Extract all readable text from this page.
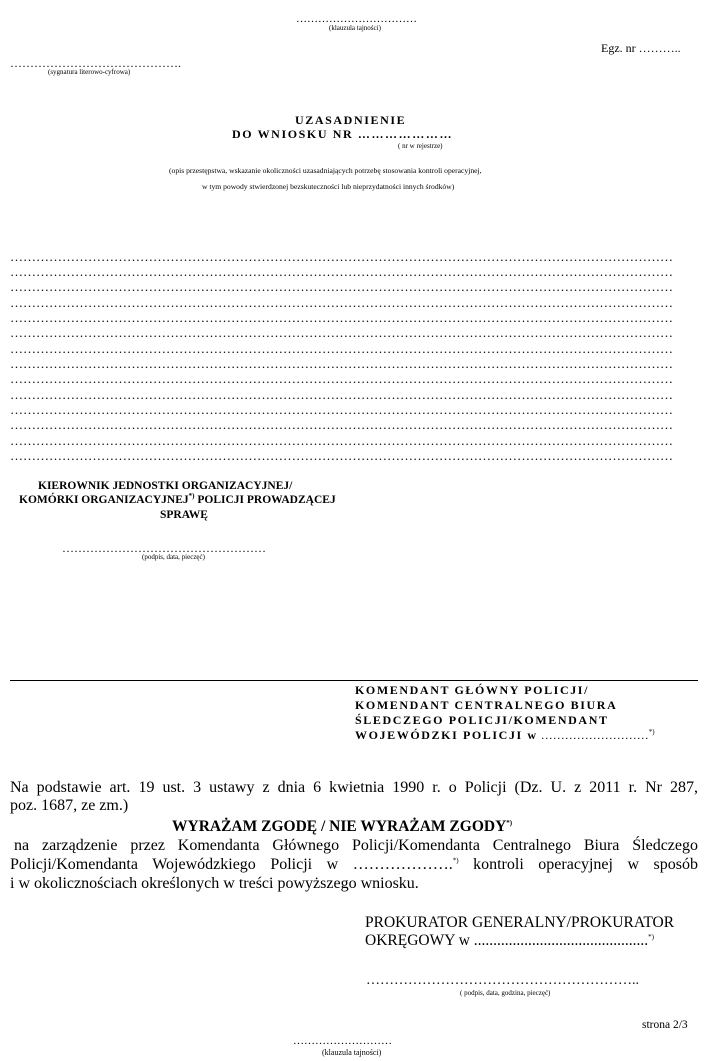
……………………………
(klauzula tajności)
Egz. nr ………..
…………………………………….
(sygnatura literowo-cyfrowa)
UZASADNIENIE
DO WNIOSKU NR …………………
( nr w rejestrze)
(opis przestępstwa, wskazanie okoliczności uzasadniających potrzebę stosowania kontroli operacyjnej,
w tym powody stwierdzonej bezskuteczności lub nieprzydatności innych środków)
………………………………………………………………………………………………………………………………………
………………………………………………………………………………………………………………………………………
………………………………………………………………………………………………………………………………………
………………………………………………………………………………………………………………………………………
………………………………………………………………………………………………………………………………………
………………………………………………………………………………………………………………………………………
………………………………………………………………………………………………………………………………………
………………………………………………………………………………………………………………………………………
………………………………………………………………………………………………………………………………………
………………………………………………………………………………………………………………………………………
………………………………………………………………………………………………………………………………………
………………………………………………………………………………………………………………………………………
………………………………………………………………………………………………………………………………………
………………………………………………………………………………………………………………………………………
KIEROWNIK JEDNOSTKI ORGANIZACYJNEJ/
KOMÓRKI ORGANIZACYJNEJ*) POLICJI PROWADZĄCEJ
SPRAWĘ
……………………………………………
(podpis, data, pieczęć)
KOMENDANT GŁÓWNY POLICJI/
KOMENDANT CENTRALNEGO BIURA
ŚLEDCZEGO POLICJI/KOMENDANT
WOJEWÓDZKI POLICJI w ………………………*)
Na podstawie art. 19 ust. 3 ustawy z dnia 6 kwietnia 1990 r. o Policji (Dz. U. z 2011 r. Nr 287,
poz. 1687, ze zm.)
WYRAŻAM ZGODĘ / NIE WYRAŻAM ZGODY*)
na zarządzenie przez Komendanta Głównego Policji/Komendanta Centralnego Biura Śledczego
Policji/Komendanta Wojewódzkiego Policji w ……………….*) kontroli operacyjnej w sposób
i w okolicznościach określonych w treści powyższego wniosku.
PROKURATOR GENERALNY/PROKURATOR
OKRĘGOWY w .............................................*)
…………………………………………………..
( podpis, data, godzina, pieczęć)
strona 2/3
………………………
(klauzula tajności)
